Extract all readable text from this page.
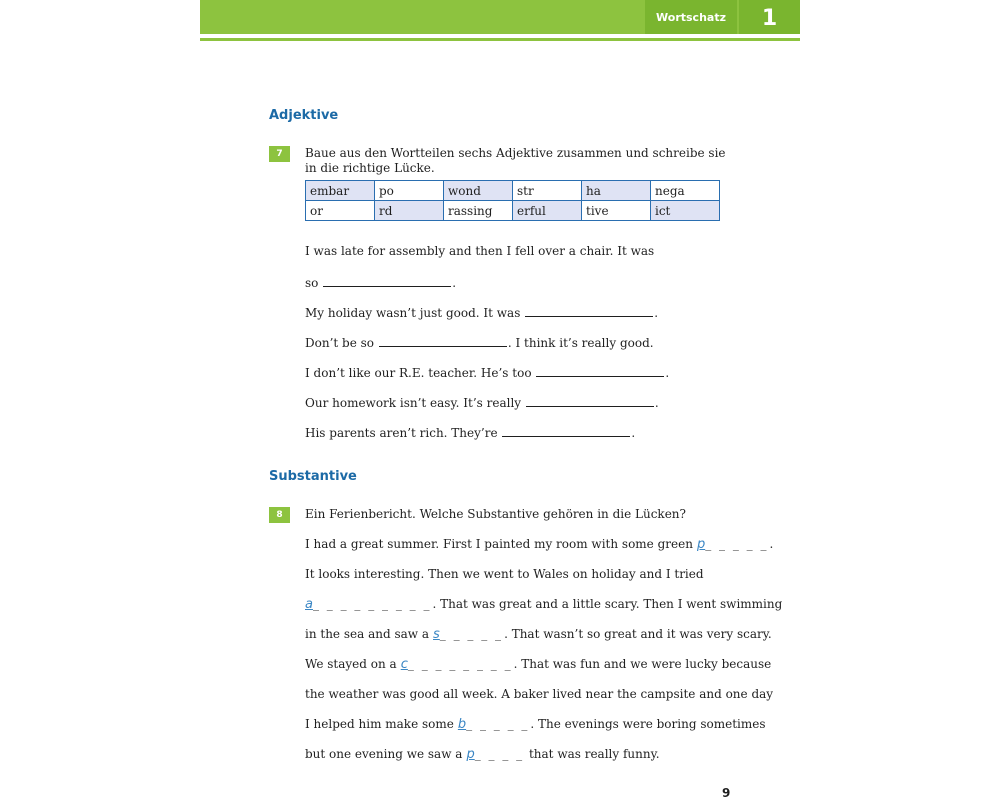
Wortschatz	1
Adjektive
7	Baue aus den Wortteilen sechs Adjektive zusammen und schreibe sie in die richtige Lücke.
embar	po	wond	str	ha	nega
or	rd	rassing	erful	tive	ict
I was late for assembly and then I fell over a chair. It was
so	.
My holiday wasn’t just good. It was	.
Don’t be so	. I think it’s really good.
I don’t like our R.E. teacher. He’s too	.
Our homework isn’t easy. It’s really	.
His parents aren’t rich. They’re	.
Substantive
8	Ein Ferienbericht. Welche Substantive gehören in die Lücken?
I had a great summer. First I painted my room with some green p_ _ _ _ _.
It looks interesting. Then we went to Wales on holiday and I tried
a_ _ _ _ _ _ _ _ _. That was great and a little scary. Then I went swimming
in the sea and saw a s_ _ _ _ _. That wasn’t so great and it was very scary.
We stayed on a c_ _ _ _ _ _ _ _. That was fun and we were lucky because
the weather was good all week. A baker lived near the campsite and one day
I helped him make some b_ _ _ _ _. The evenings were boring sometimes
but one evening we saw a p_ _ _ _ that was really funny.
9
